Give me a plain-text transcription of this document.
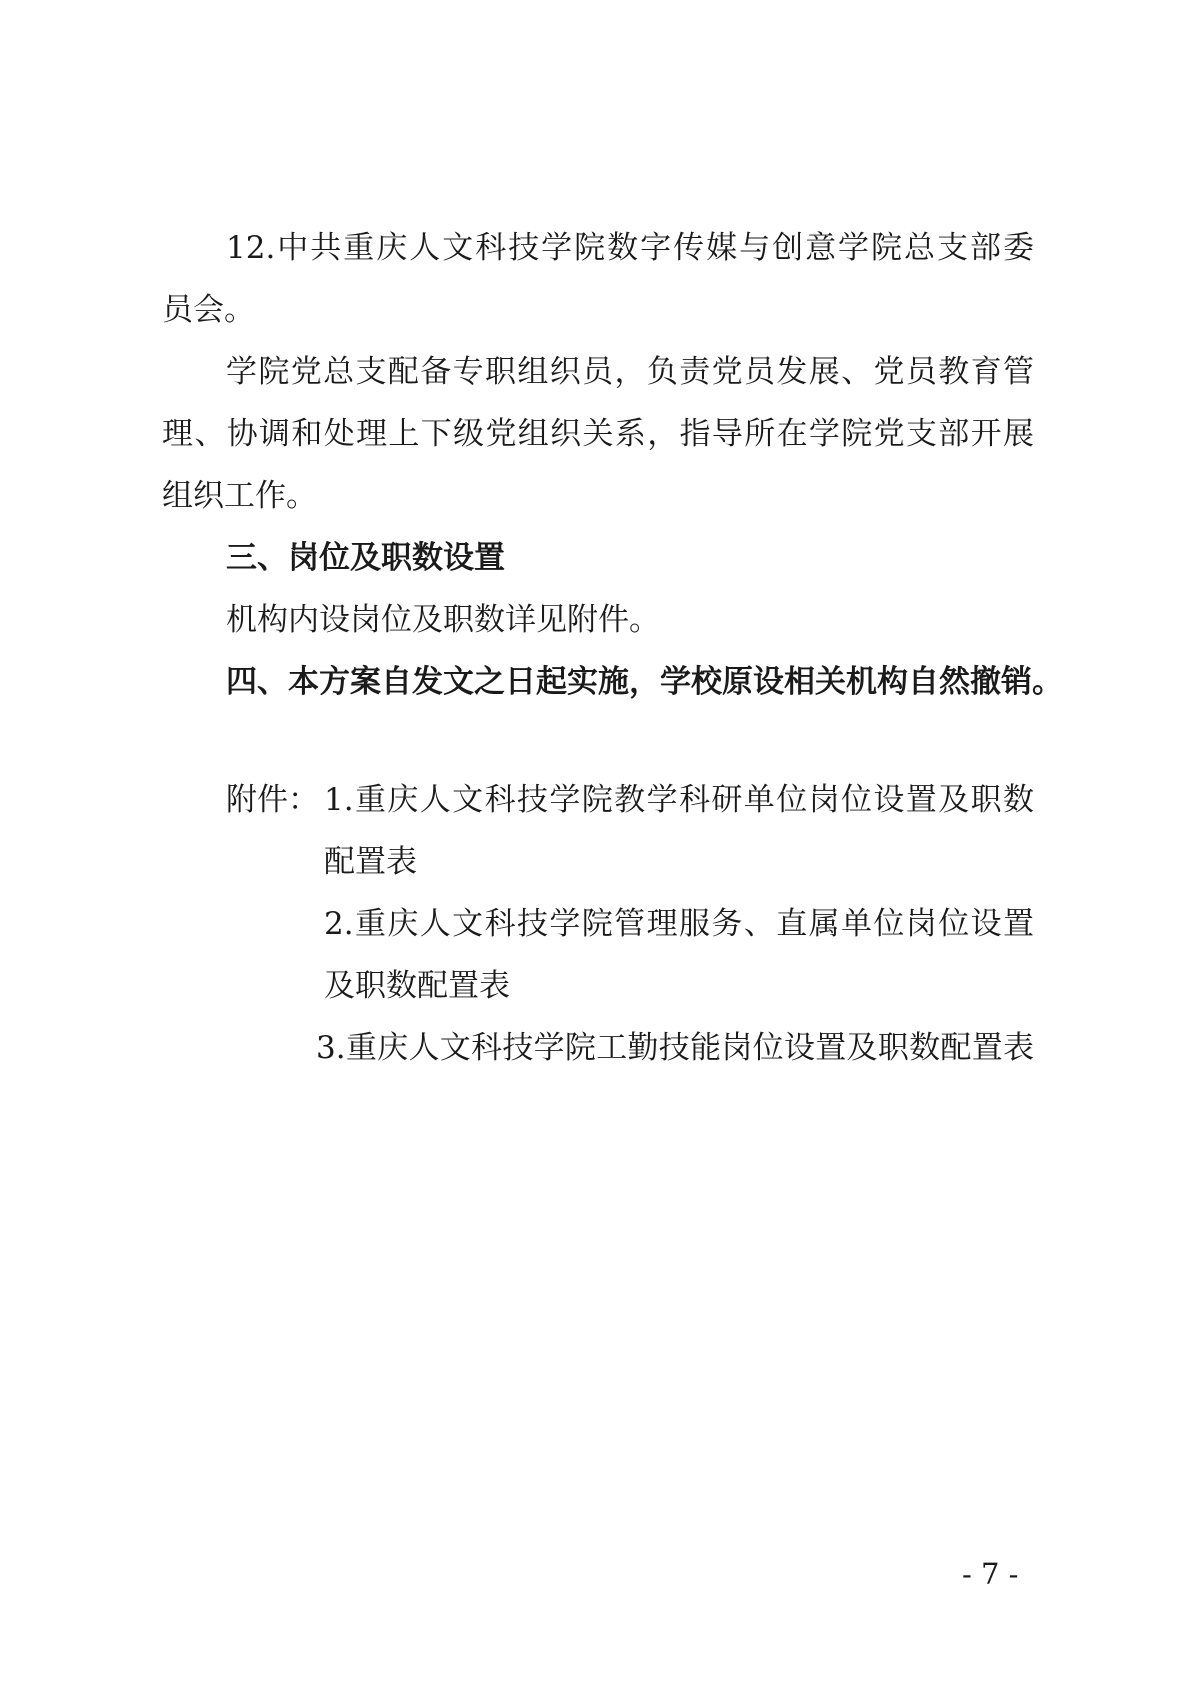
12.中共重庆人文科技学院数字传媒与创意学院总支部委
员会。
学院党总支配备专职组织员，负责党员发展、党员教育管
理、协调和处理上下级党组织关系，指导所在学院党支部开展
组织工作。
三、岗位及职数设置
机构内设岗位及职数详见附件。
四、本方案自发文之日起实施，学校原设相关机构自然撤销。
附件： 1.重庆人文科技学院教学科研单位岗位设置及职数
配置表
2.重庆人文科技学院管理服务、直属单位岗位设置
及职数配置表
3.重庆人文科技学院工勤技能岗位设置及职数配置表
- 7 -
